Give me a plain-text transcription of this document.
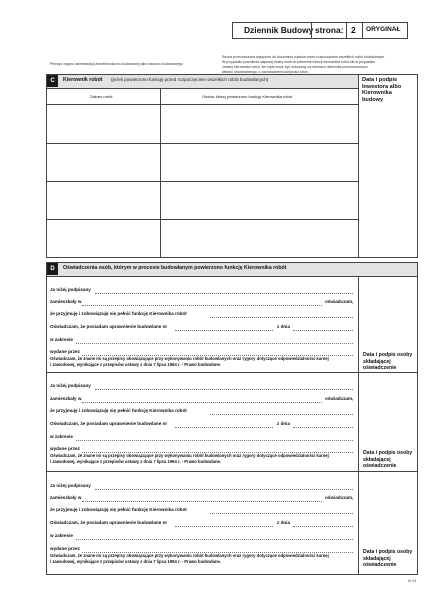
Pieczęć organu administracji architektoniczno-budowlanej albo nadzoru budowlanego
Dziennik Budowy strona: 2 ORYGINAŁ
Strona przeznaczona wyłącznie do dokonania wpisów przed rozpoczęciem wszelkich robót budowlanych.
W przypadku powołania większej liczby osób do pełnienia funkcji kierownika robót lub w przypadku
zmiany kierownika robót, ten wpis może być dokonany na stronach dziennika przeznaczonych
wkładu ubudowlanego, z zachowaniem kolejności stron.
C	Kierownik robót (jeżeli powierzono funkcję przed rozpoczęciem wszelkich robót budowlanych)	Data i podpis Inwestora albo Kierownika budowy
Zakres robót	Osoba, której powierzono funkcję Kierownika robót
D	Oświadczenia osób, którym w procesie budowlanym powierzono funkcję Kierownika robót
Ja niżej podpisany
zamieszkały w	oświadczam,
że przyjmuję i zobowiązuję się pełnić funkcję Kierownika robót
Oświadczam, że posiadam uprawnienie budowlane nr	z dnia
w zakresie
wydane przez
Oświadczam, że znane mi są przepisy obowiązujące przy wykonywaniu robót budowlanych oraz rygory dotyczące odpowiedzialności karnej
i zawodowej, wynikające z przepisów ustawy z dnia 7 lipca 1994 r. - Prawo budowlane.
Data i podpis osoby składającej oświadczenie
Ja niżej podpisany
zamieszkały w	oświadczam,
że przyjmuję i zobowiązuję się pełnić funkcję Kierownika robót
Oświadczam, że posiadam uprawnienie budowlane nr	z dnia
w zakresie
wydane przez
Oświadczam, że znane mi są przepisy obowiązujące przy wykonywaniu robót budowlanych oraz rygory dotyczące odpowiedzialności karnej
i zawodowej, wynikające z przepisów ustawy z dnia 7 lipca 1994 r. - Prawo budowlane.
Data i podpis osoby składającej oświadczenie
Ja niżej podpisany
zamieszkały w	oświadczam,
że przyjmuję i zobowiązuję się pełnić funkcję Kierownika robót
Oświadczam, że posiadam uprawnienie budowlane nr	z dnia
w zakresie
wydane przez
Oświadczam, że znane mi są przepisy obowiązujące przy wykonywaniu robót budowlanych oraz rygory dotyczące odpowiedzialności karnej
i zawodowej, wynikające z przepisów ustawy z dnia 7 lipca 1994 r. - Prawo budowlane.
Data i podpis osoby składającej oświadczenie
Kt 03
